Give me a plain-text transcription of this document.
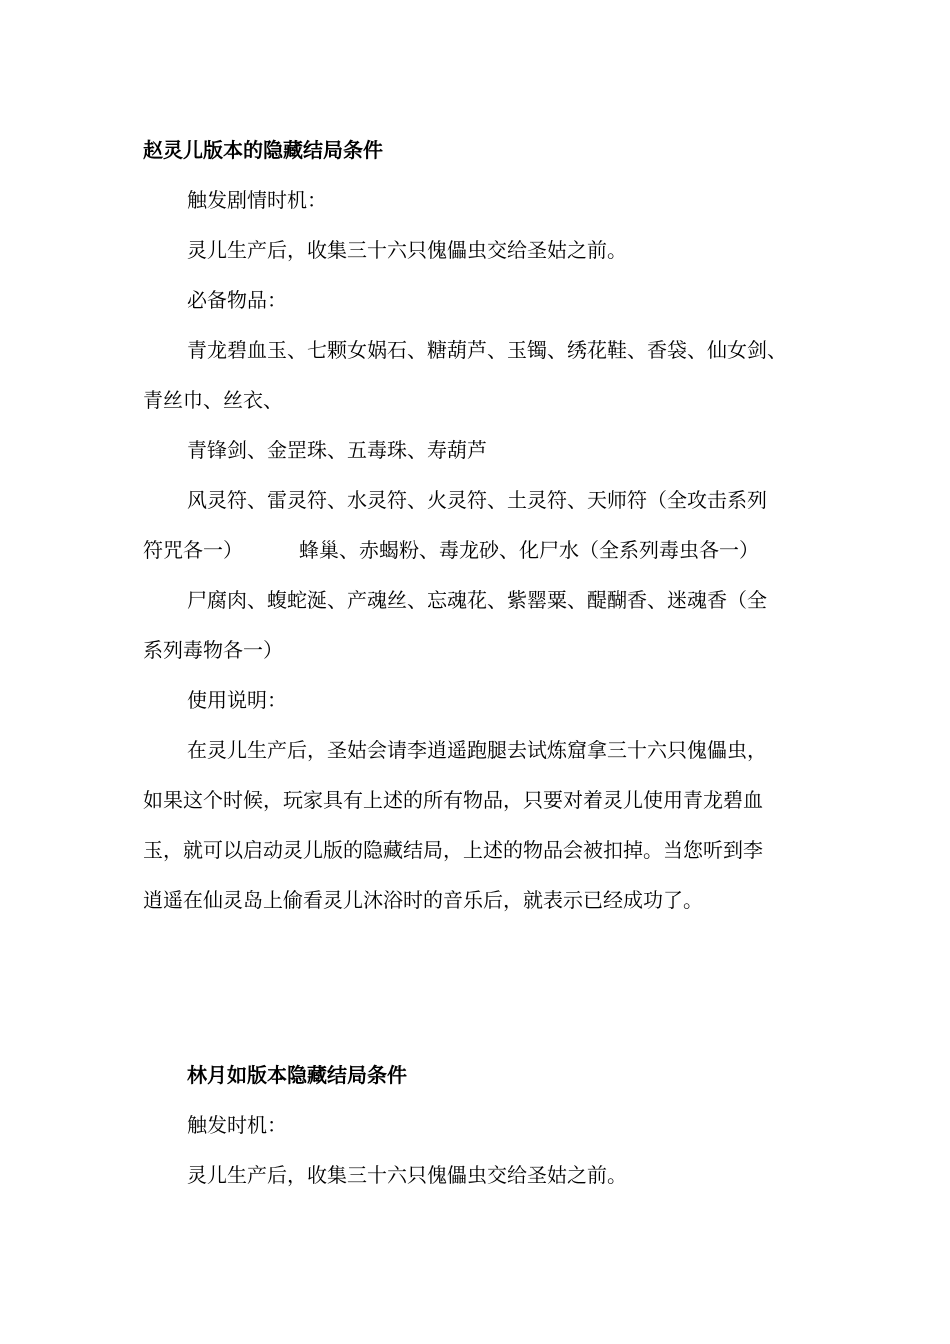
赵灵儿版本的隐藏结局条件
触发剧情时机：
灵儿生产后，收集三十六只傀儡虫交给圣姑之前。
必备物品：
青龙碧血玉、七颗女娲石、糖葫芦、玉镯、绣花鞋、香袋、仙女剑、
青丝巾、丝衣、
青锋剑、金罡珠、五毒珠、寿葫芦
风灵符、雷灵符、水灵符、火灵符、土灵符、天师符（全攻击系列
符咒各一）	蜂巢、赤蝎粉、毒龙砂、化尸水（全系列毒虫各一）
尸腐肉、蝮蛇涎、产魂丝、忘魂花、紫罂粟、醍醐香、迷魂香（全
系列毒物各一）
使用说明：
在灵儿生产后，圣姑会请李逍遥跑腿去试炼窟拿三十六只傀儡虫，
如果这个时候，玩家具有上述的所有物品，只要对着灵儿使用青龙碧血
玉，就可以启动灵儿版的隐藏结局，上述的物品会被扣掉。当您听到李
逍遥在仙灵岛上偷看灵儿沐浴时的音乐后，就表示已经成功了。
林月如版本隐藏结局条件
触发时机：
灵儿生产后，收集三十六只傀儡虫交给圣姑之前。
